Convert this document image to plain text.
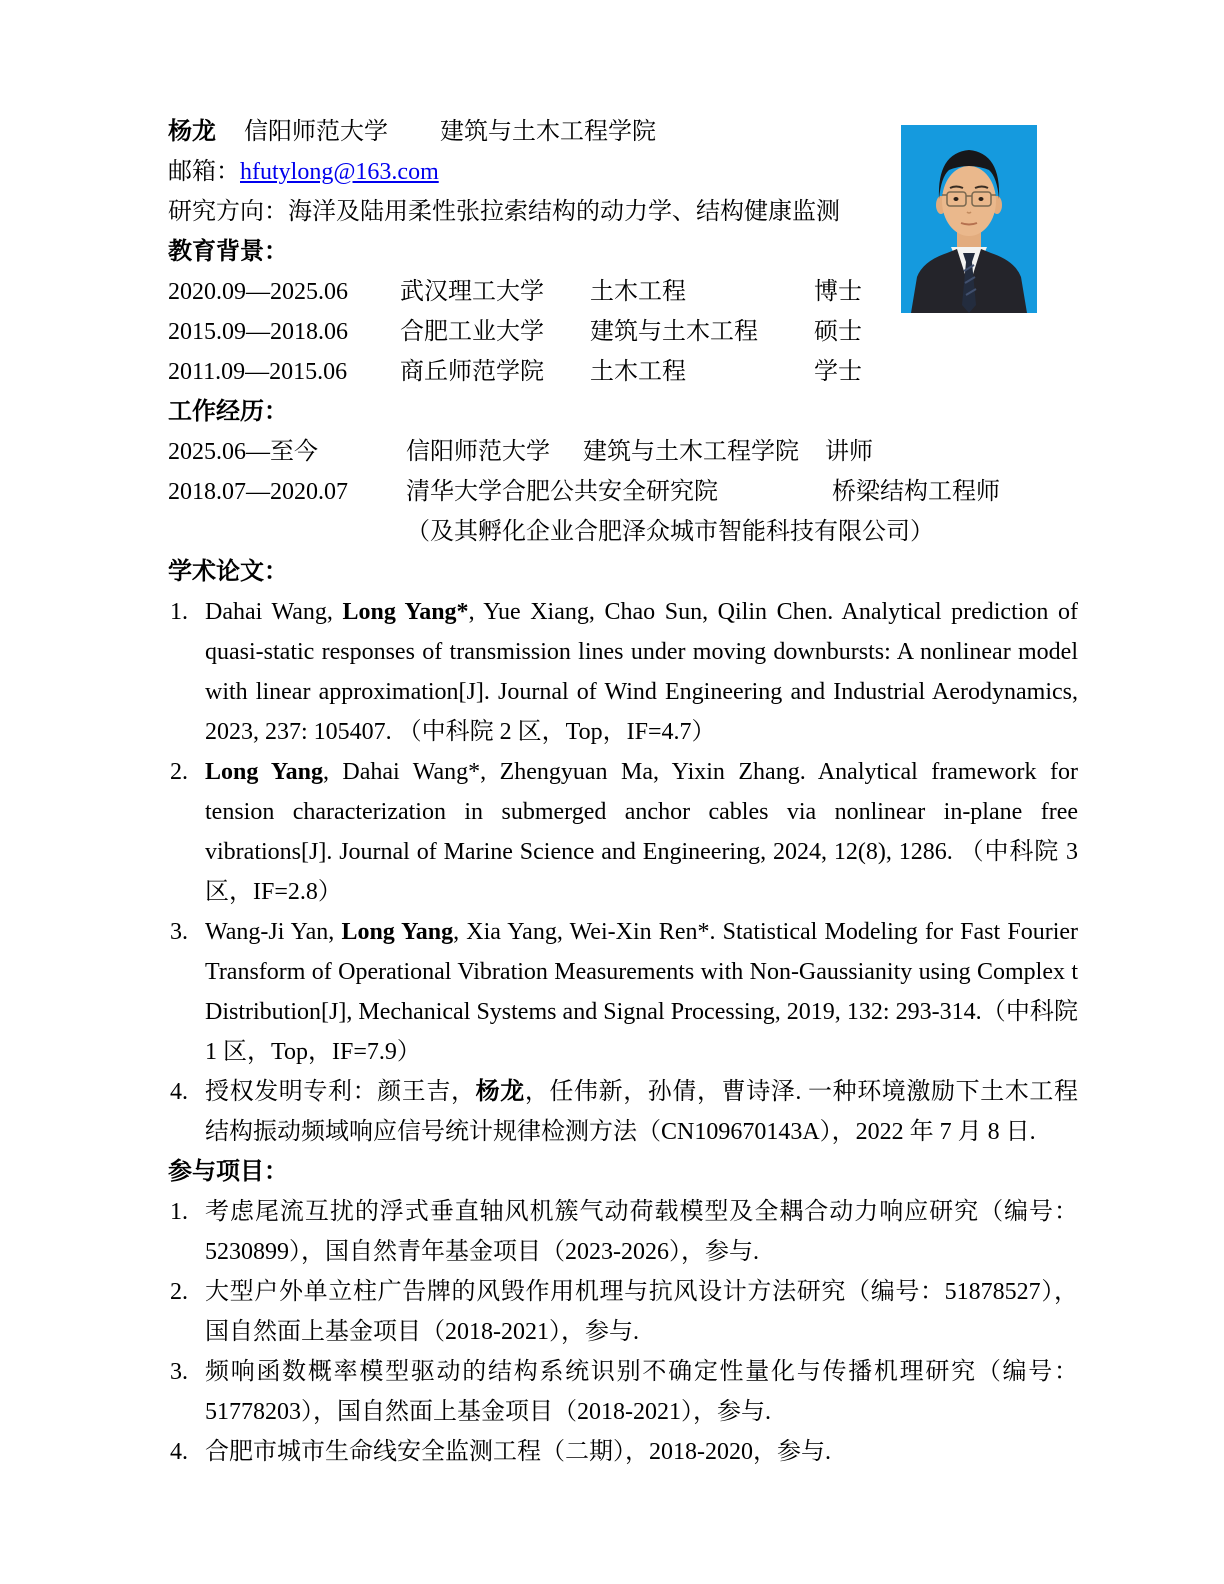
杨龙 信阳师范大学 建筑与土木工程学院
邮箱：hfutylong@163.com
研究方向：海洋及陆用柔性张拉索结构的动力学、结构健康监测
教育背景：
2020.09—2025.06	武汉理工大学	土木工程	博士
2015.09—2018.06	合肥工业大学	建筑与土木工程	硕士
2011.09—2015.06	商丘师范学院	土木工程	学士
工作经历：
2025.06—至今	信阳师范大学 建筑与土木工程学院 讲师
2018.07—2020.07	清华大学合肥公共安全研究院	桥梁结构工程师
（及其孵化企业合肥泽众城市智能科技有限公司）
学术论文：
1. Dahai Wang, Long Yang*, Yue Xiang, Chao Sun, Qilin Chen. Analytical prediction of quasi-static responses of transmission lines under moving downbursts: A nonlinear model with linear approximation[J]. Journal of Wind Engineering and Industrial Aerodynamics, 2023, 237: 105407. （中科院 2 区，Top，IF=4.7）
2. Long Yang, Dahai Wang*, Zhengyuan Ma, Yixin Zhang. Analytical framework for tension characterization in submerged anchor cables via nonlinear in-plane free vibrations[J]. Journal of Marine Science and Engineering, 2024, 12(8), 1286. （中科院 3 区，IF=2.8）
3. Wang-Ji Yan, Long Yang, Xia Yang, Wei-Xin Ren*. Statistical Modeling for Fast Fourier Transform of Operational Vibration Measurements with Non-Gaussianity using Complex t Distribution[J], Mechanical Systems and Signal Processing, 2019, 132: 293-314.（中科院 1 区，Top，IF=7.9）
4. 授权发明专利：颜王吉，杨龙，任伟新，孙倩，曹诗泽. 一种环境激励下土木工程结构振动频域响应信号统计规律检测方法（CN109670143A），2022 年 7 月 8 日.
参与项目：
1. 考虑尾流互扰的浮式垂直轴风机簇气动荷载模型及全耦合动力响应研究（编号：5230899），国自然青年基金项目（2023-2026），参与.
2. 大型户外单立柱广告牌的风毁作用机理与抗风设计方法研究（编号：51878527），国自然面上基金项目（2018-2021），参与.
3. 频响函数概率模型驱动的结构系统识别不确定性量化与传播机理研究（编号：51778203），国自然面上基金项目（2018-2021），参与.
4. 合肥市城市生命线安全监测工程（二期），2018-2020，参与.
